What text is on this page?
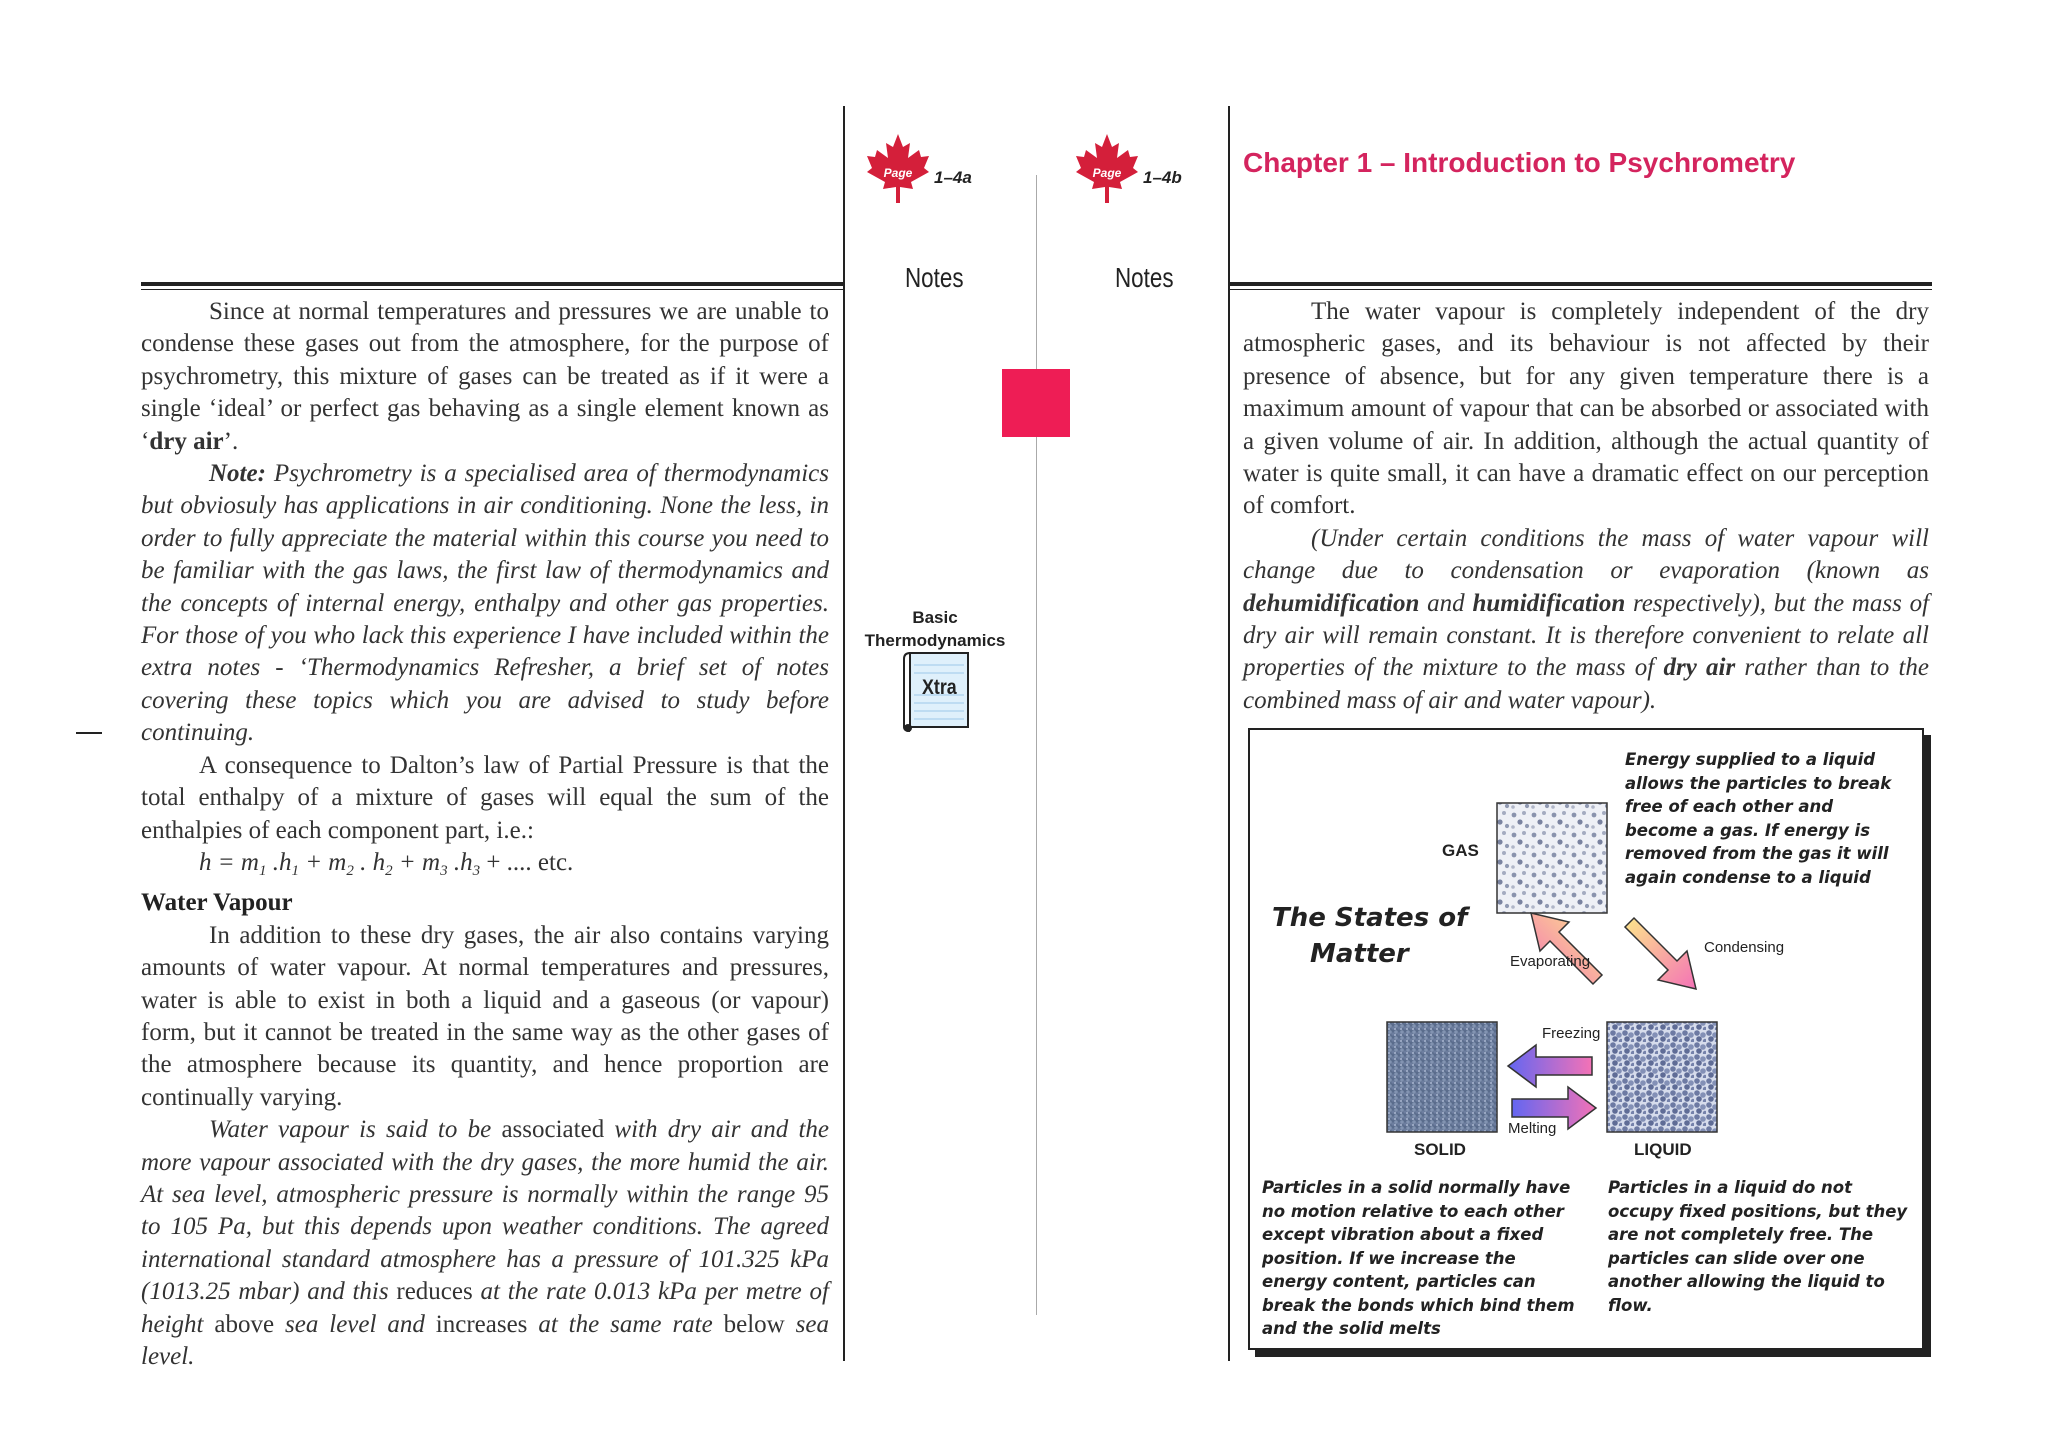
Page 1–4a	Page 1–4b Chapter 1 – Introduction to Psychrometry
Notes	Notes
Basic
Thermodynamics
Xtra

Since at normal temperatures and pressures we are unable to condense these gases out from the atmosphere, for the purpose of psychrometry, this mixture of gases can be treated as if it were a single ‘ideal’ or perfect gas behaving as a single element known as ‘dry air’.

Note: Psychrometry is a specialised area of thermodynamics but obviosuly has applications in air conditioning. None the less, in order to fully appreciate the material within this course you need to be familiar with the gas laws, the first law of thermodynamics and the concepts of internal energy, enthalpy and other gas properties. For those of you who lack this experience I have included within the extra notes - ‘Thermodynamics Refresher, a brief set of notes covering these topics which you are advised to study before continuing.

A consequence to Dalton’s law of Partial Pressure is that the total enthalpy of a mixture of gases will equal the sum of the enthalpies of each component part, i.e.:

$h = m_1$ $.h_1 + m_2$ . $h_2 + m_3$ $.h_3$ + .... etc.

Water Vapour

In addition to these dry gases, the air also contains varying amounts of water vapour. At normal temperatures and pressures, water is able to exist in both a liquid and a gaseous (or vapour) form, but it cannot be treated in the same way as the other gases of the atmosphere because its quantity, and hence proportion are continually varying.

Water vapour is said to be associated with dry air and the more vapour associated with the dry gases, the more humid the air. At sea level, atmospheric pressure is normally within the range 95 to 105 Pa, but this depends upon weather conditions. The agreed international standard atmosphere has a pressure of 101.325 kPa (1013.25 mbar) and this reduces at the rate 0.013 kPa per metre of height above sea level and increases at the same rate below sea level.

The water vapour is completely independent of the dry atmospheric gases, and its behaviour is not affected by their presence of absence, but for any given temperature there is a maximum amount of vapour that can be absorbed or associated with a given volume of air. In addition, although the actual quantity of water is quite small, it can have a dramatic effect on our perception of comfort.

(Under certain conditions the mass of water vapour will change due to condensation or evaporation (known as dehumidification and humidification respectively), but the mass of dry air will remain constant. It is therefore convenient to relate all properties of the mixture to the mass of dry air rather than to the combined mass of air and water vapour).

The States of
Matter
GAS
SOLID	LIQUID
Evaporating
Condensing
Freezing
Melting
Energy supplied to a liquid allows the particles to break free of each other and become a gas. If energy is removed from the gas it will again condense to a liquid
Particles in a solid normally have no motion relative to each other except vibration about a fixed position. If we increase the energy content, particles can break the bonds which bind them and the solid melts
Particles in a liquid do not occupy fixed positions, but they are not completely free. The particles can slide over one another allowing the liquid to flow.
